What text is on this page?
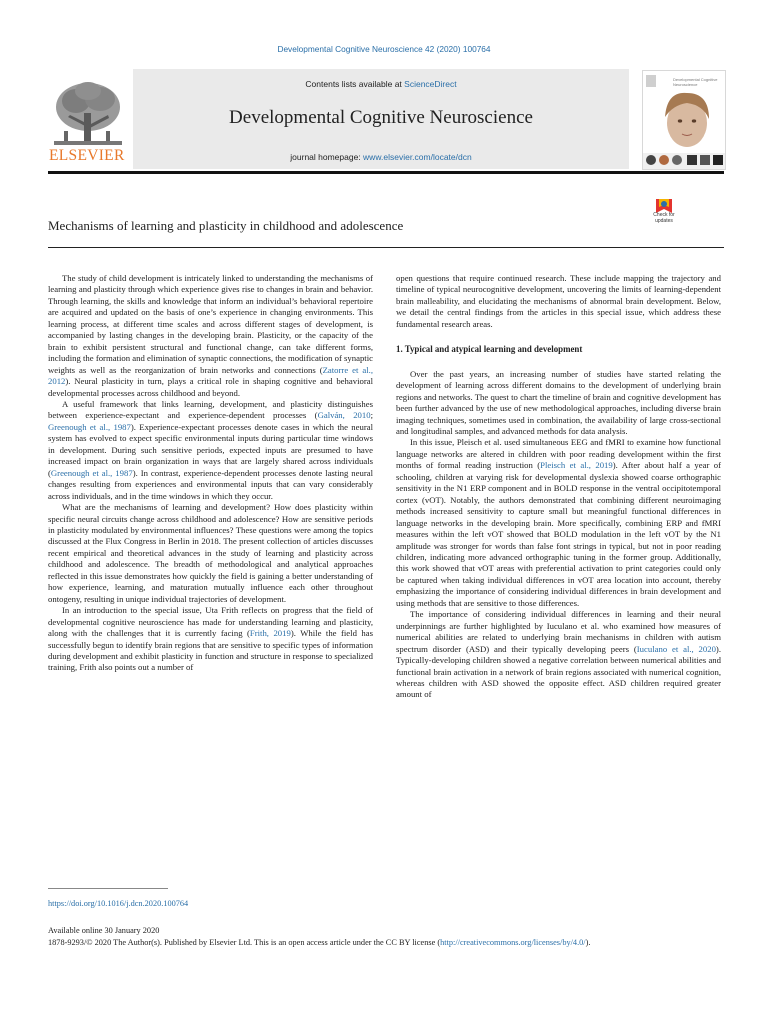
Developmental Cognitive Neuroscience 42 (2020) 100764
ELSEVIER
Contents lists available at ScienceDirect
Developmental Cognitive Neuroscience
journal homepage: www.elsevier.com/locate/dcn
Developmental Cognitive Neuroscience
Mechanisms of learning and plasticity in childhood and adolescence
Check for updates

The study of child development is intricately linked to understanding the mechanisms of learning and plasticity through which experience gives rise to changes in brain and behavior. Through learning, the skills and knowledge that inform an individual’s behavioral repertoire are acquired and updated on the basis of one’s experience in changing environments. This learning process, at different time scales and across different stages of development, is accompanied by lasting changes in the developing brain. Plasticity, or the capacity of the brain to exhibit persistent structural and functional change, can take different forms, including the formation and elimination of synaptic connections, the modification of synaptic weights as well as the reorganization of brain networks and connections (Zatorre et al., 2012). Neural plasticity in turn, plays a critical role in shaping cognitive and behavioral developmental processes across childhood and beyond.

A useful framework that links learning, development, and plasticity distinguishes between experience-expectant and experience-dependent processes (Galván, 2010; Greenough et al., 1987). Experience-expectant processes denote cases in which the neural system has evolved to expect specific environmental inputs during particular time windows in development. During such sensitive periods, expected inputs are presumed to have increased impact on brain organization in ways that are largely shared across individuals (Greenough et al., 1987). In contrast, experience-dependent processes denote lasting neural changes resulting from experiences and environmental inputs that can vary considerably across individuals, and in the time windows in which they occur.

What are the mechanisms of learning and development? How does plasticity within specific neural circuits change across childhood and adolescence? How are sensitive periods in plasticity modulated by environmental influences? These questions were among the topics discussed at the Flux Congress in Berlin in 2018. The present collection of articles discusses recent empirical and theoretical advances in the study of learning and plasticity across childhood and adolescence. The breadth of methodological and analytical approaches reflected in this issue demonstrates how quickly the field is gaining a better understanding of how experience, learning, and maturation mutually influence each other throughout ontogeny, resulting in unique individual trajectories of development.

In an introduction to the special issue, Uta Frith reflects on progress that the field of developmental cognitive neuroscience has made for understanding learning and plasticity, along with the challenges that it is currently facing (Frith, 2019). While the field has successfully begun to identify brain regions that are sensitive to specific types of information during development and exhibit plasticity in function and structure in response to specialized training, Frith also points out a number of

open questions that require continued research. These include mapping the trajectory and timeline of typical neurocognitive development, uncovering the limits of learning-dependent brain malleability, and elucidating the mechanisms of abnormal brain development. Below, we detail the central findings from the articles in this special issue, which address these fundamental research areas.

1. Typical and atypical learning and development

Over the past years, an increasing number of studies have started relating the development of learning across different domains to the development of underlying brain regions and networks. The quest to chart the timeline of brain and cognitive development has been further advanced by the use of new methodological approaches, including diverse brain imaging techniques, sometimes used in combination, the availability of large cross-sectional and longitudinal samples, and advanced methods for data analysis.

In this issue, Pleisch et al. used simultaneous EEG and fMRI to examine how functional language networks are altered in children with poor reading development within the first months of formal reading instruction (Pleisch et al., 2019). After about half a year of schooling, children at varying risk for developmental dyslexia showed coarse orthographic sensitivity in the N1 ERP component and in BOLD response in the ventral occipitotemporal cortex (vOT). Notably, the authors demonstrated that combining different neuroimaging methods increased sensitivity to capture small but meaningful functional differences in language networks in the developing brain. More specifically, combining ERP and fMRI measures within the left vOT showed that BOLD modulation in the left vOT by the N1 amplitude was stronger for words than false font strings in typical, but not in poor reading children, indicating more advanced orthographic tuning in the former group. Additionally, this work showed that vOT areas with preferential activation to print categories could only be captured when taking individual differences in vOT area location into account, thereby emphasizing the importance of considering individual differences in brain development and using methods that are sensitive to those differences.

The importance of considering individual differences in learning and their neural underpinnings are further highlighted by Iuculano et al. who examined how measures of numerical abilities are related to underlying brain mechanisms in children with autism spectrum disorder (ASD) and their typically developing peers (Iuculano et al., 2020). Typically-developing children showed a negative correlation between numerical abilities and functional brain activation in a network of brain regions associated with numerical cognition, whereas children with ASD showed the opposite effect. ASD children required greater amount of

https://doi.org/10.1016/j.dcn.2020.100764
Available online 30 January 2020
1878-9293/© 2020 The Author(s). Published by Elsevier Ltd. This is an open access article under the CC BY license (http://creativecommons.org/licenses/by/4.0/).
